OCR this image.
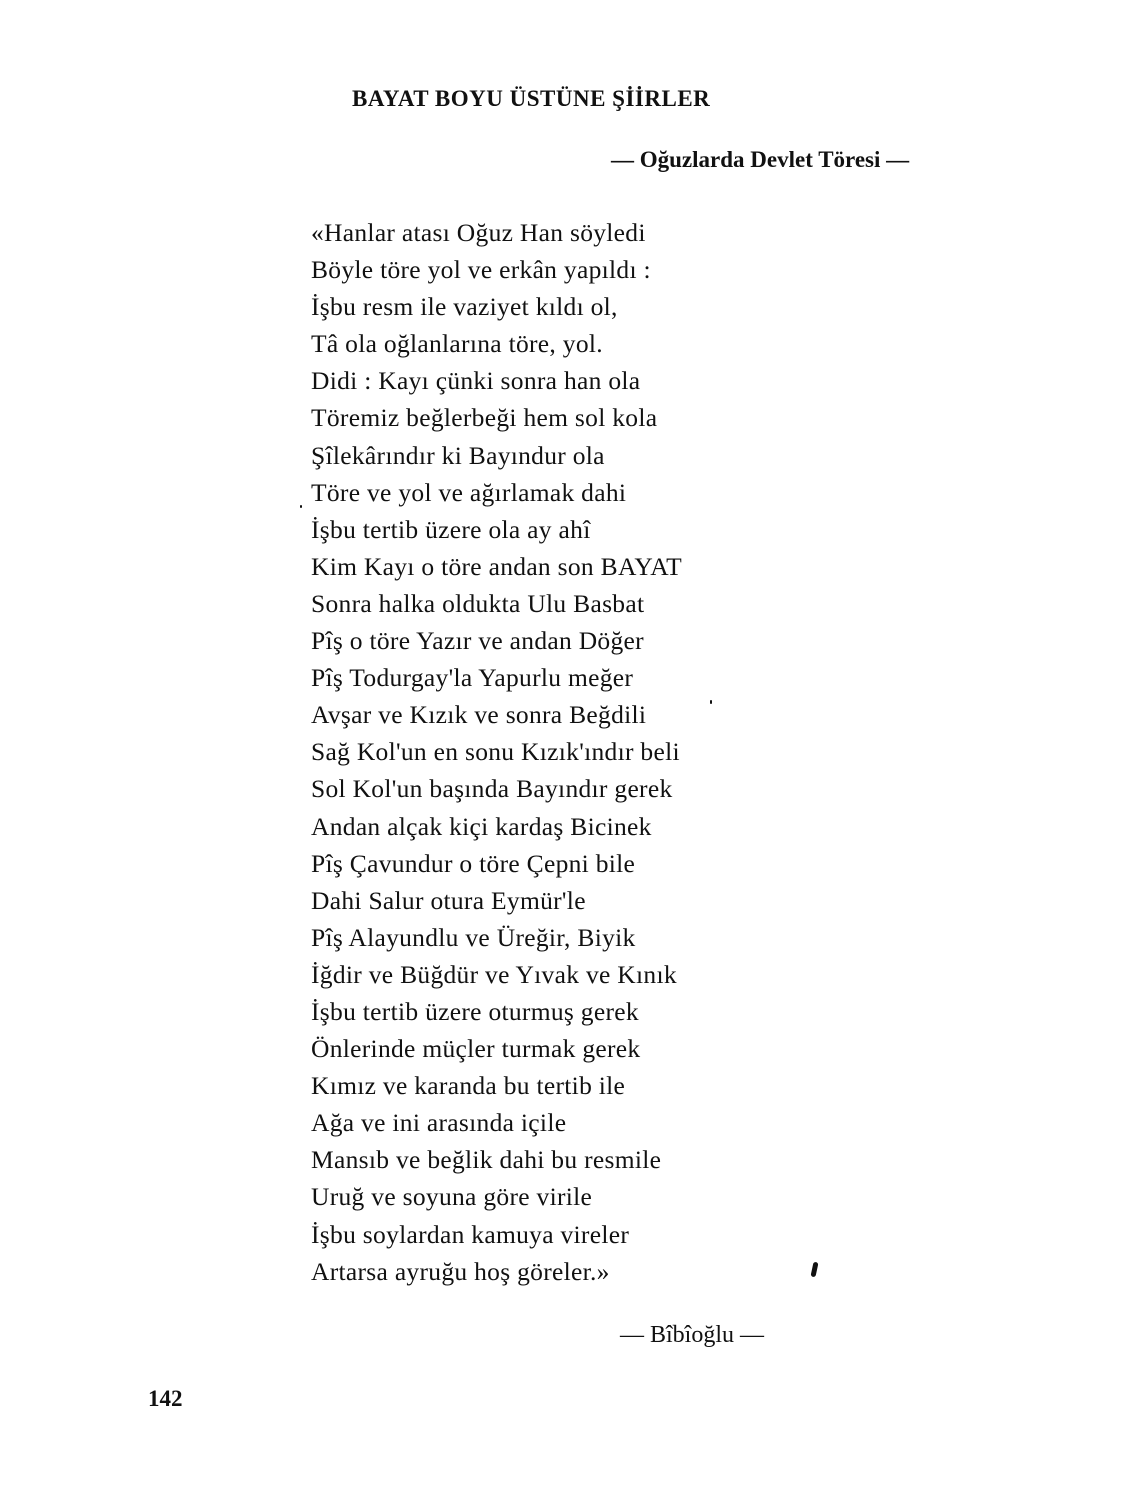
BAYAT BOYU ÜSTÜNE ŞİİRLER
— Oğuzlarda Devlet Töresi —
«Hanlar atası Oğuz Han söyledi
Böyle töre yol ve erkân yapıldı :
İşbu resm ile vaziyet kıldı ol,
Tâ ola oğlanlarına töre, yol.
Didi : Kayı çünki sonra han ola
Töremiz beğlerbeği hem sol kola
Şîlekârındır ki Bayındur ola
Töre ve yol ve ağırlamak dahi
İşbu tertib üzere ola ay ahî
Kim Kayı o töre andan son BAYAT
Sonra halka oldukta Ulu Basbat
Pîş o töre Yazır ve andan Döğer
Pîş Todurgay'la Yapurlu meğer
Avşar ve Kızık ve sonra Beğdili
Sağ Kol'un en sonu Kızık'ındır beli
Sol Kol'un başında Bayındır gerek
Andan alçak kiçi kardaş Bicinek
Pîş Çavundur o töre Çepni bile
Dahi Salur otura Eymür'le
Pîş Alayundlu ve Üreğir, Biyik
İğdir ve Büğdür ve Yıvak ve Kınık
İşbu tertib üzere oturmuş gerek
Önlerinde müçler turmak gerek
Kımız ve karanda bu tertib ile
Ağa ve ini arasında içile
Mansıb ve beğlik dahi bu resmile
Uruğ ve soyuna göre virile
İşbu soylardan kamuya vireler
Artarsa ayruğu hoş göreler.»
— Bîbîoğlu —
142
